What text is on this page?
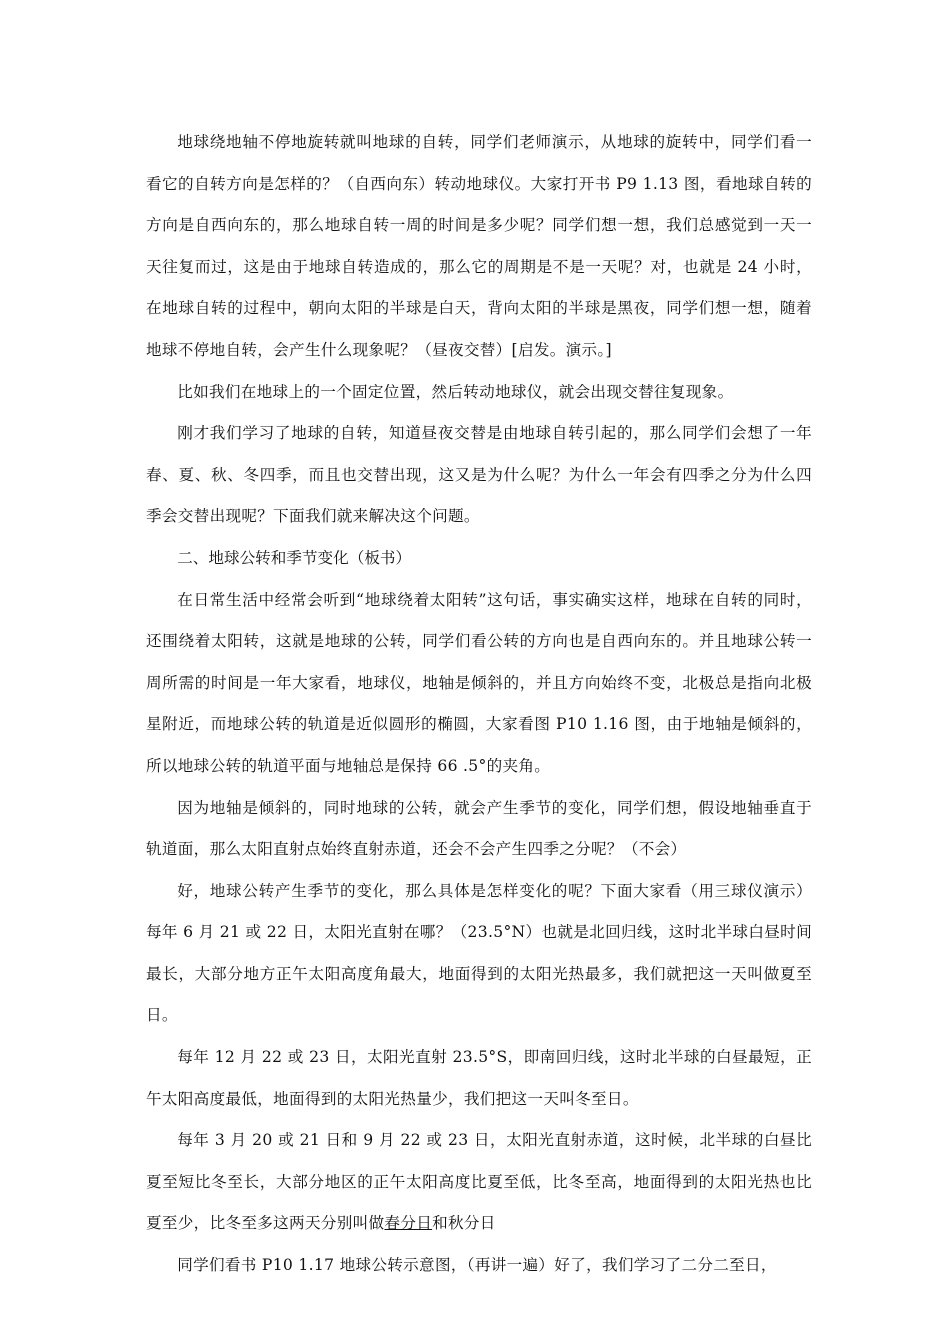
地球绕地轴不停地旋转就叫地球的自转，同学们老师演示，从地球的旋转中，同学们看一看它的自转方向是怎样的？（自西向东）转动地球仪。大家打开书 P9 1.13 图，看地球自转的方向是自西向东的，那么地球自转一周的时间是多少呢？同学们想一想，我们总感觉到一天一天往复而过，这是由于地球自转造成的，那么它的周期是不是一天呢？对，也就是 24 小时，在地球自转的过程中，朝向太阳的半球是白天，背向太阳的半球是黑夜，同学们想一想，随着地球不停地自转，会产生什么现象呢？（昼夜交替）[启发。演示。]

比如我们在地球上的一个固定位置，然后转动地球仪，就会出现交替往复现象。

刚才我们学习了地球的自转，知道昼夜交替是由地球自转引起的，那么同学们会想了一年春、夏、秋、冬四季，而且也交替出现，这又是为什么呢？为什么一年会有四季之分为什么四季会交替出现呢？下面我们就来解决这个问题。

二、地球公转和季节变化（板书）

在日常生活中经常会听到“地球绕着太阳转”这句话，事实确实这样，地球在自转的同时，还围绕着太阳转，这就是地球的公转，同学们看公转的方向也是自西向东的。并且地球公转一周所需的时间是一年大家看，地球仪，地轴是倾斜的，并且方向始终不变，北极总是指向北极星附近，而地球公转的轨道是近似圆形的椭圆，大家看图 P10 1.16 图，由于地轴是倾斜的，所以地球公转的轨道平面与地轴总是保持 66 .5°的夹角。

因为地轴是倾斜的，同时地球的公转，就会产生季节的变化，同学们想，假设地轴垂直于轨道面，那么太阳直射点始终直射赤道，还会不会产生四季之分呢？（不会）

好，地球公转产生季节的变化，那么具体是怎样变化的呢？下面大家看（用三球仪演示）每年 6 月 21 或 22 日，太阳光直射在哪？（23.5°N）也就是北回归线，这时北半球白昼时间最长，大部分地方正午太阳高度角最大，地面得到的太阳光热最多，我们就把这一天叫做夏至日。

每年 12 月 22 或 23 日，太阳光直射 23.5°S，即南回归线，这时北半球的白昼最短，正午太阳高度最低，地面得到的太阳光热量少，我们把这一天叫冬至日。

每年 3 月 20 或 21 日和 9 月 22 或 23 日，太阳光直射赤道，这时候，北半球的白昼比夏至短比冬至长，大部分地区的正午太阳高度比夏至低，比冬至高，地面得到的太阳光热也比夏至少，比冬至多这两天分别叫做春分日和秋分日

同学们看书 P10 1.17 地球公转示意图，（再讲一遍）好了，我们学习了二分二至日，
